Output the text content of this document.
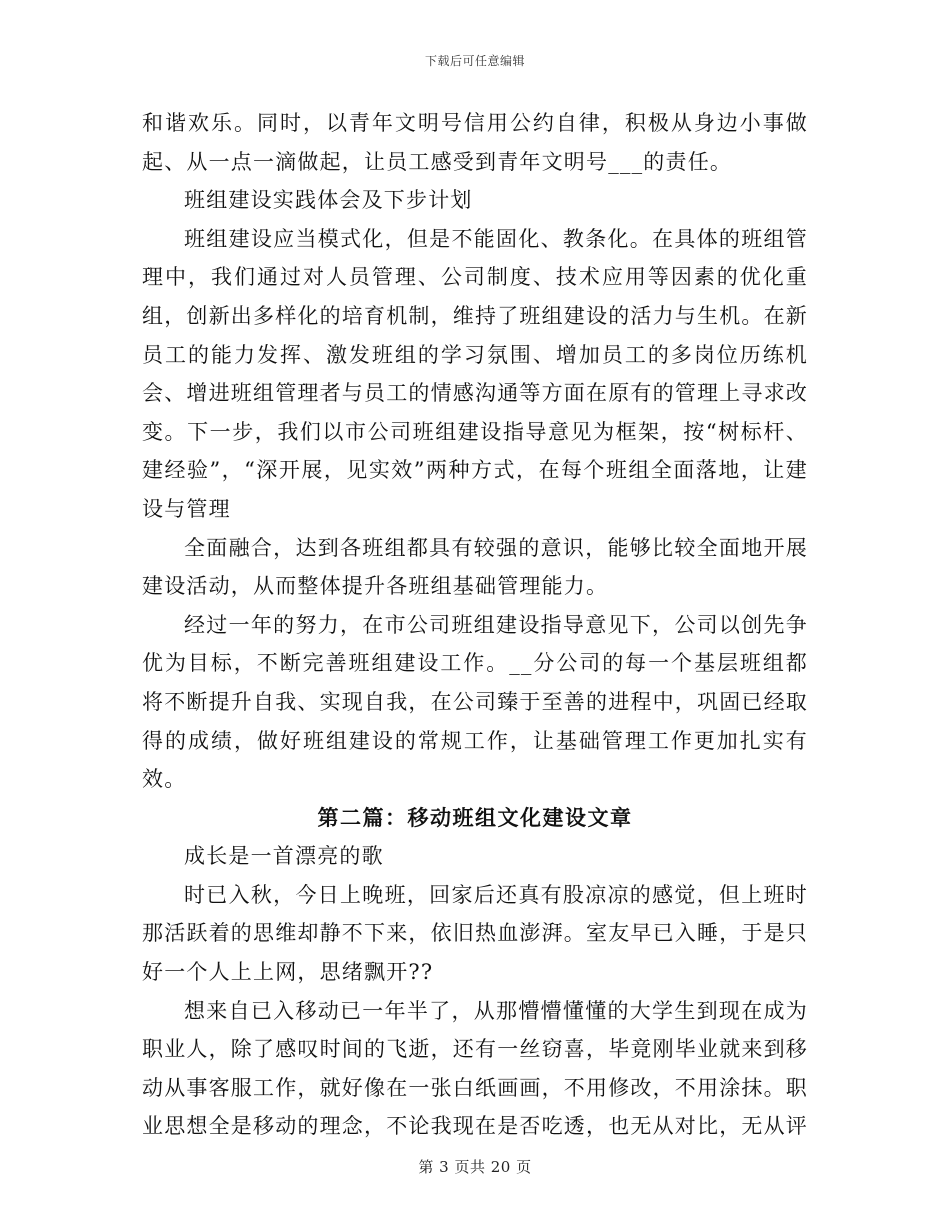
下载后可任意编辑

和谐欢乐。同时，以青年文明号信用公约自律，积极从身边小事做起、从一点一滴做起，让员工感受到青年文明号___的责任。

班组建设实践体会及下步计划

班组建设应当模式化，但是不能固化、教条化。在具体的班组管理中，我们通过对人员管理、公司制度、技术应用等因素的优化重组，创新出多样化的培育机制，维持了班组建设的活力与生机。在新员工的能力发挥、激发班组的学习氛围、增加员工的多岗位历练机会、增进班组管理者与员工的情感沟通等方面在原有的管理上寻求改变。下一步，我们以市公司班组建设指导意见为框架，按“树标杆、建经验”，“深开展，见实效”两种方式，在每个班组全面落地，让建设与管理

全面融合，达到各班组都具有较强的意识，能够比较全面地开展建设活动，从而整体提升各班组基础管理能力。

经过一年的努力，在市公司班组建设指导意见下，公司以创先争优为目标，不断完善班组建设工作。__分公司的每一个基层班组都将不断提升自我、实现自我，在公司臻于至善的进程中，巩固已经取得的成绩，做好班组建设的常规工作，让基础管理工作更加扎实有效。

第二篇：移动班组文化建设文章

成长是一首漂亮的歌

时已入秋，今日上晚班，回家后还真有股凉凉的感觉，但上班时那活跃着的思维却静不下来，依旧热血澎湃。室友早已入睡，于是只好一个人上上网，思绪飘开??

想来自已入移动已一年半了，从那懵懵懂懂的大学生到现在成为职业人，除了感叹时间的飞逝，还有一丝窃喜，毕竟刚毕业就来到移动从事客服工作，就好像在一张白纸画画，不用修改，不用涂抹。职业思想全是移动的理念，不论我现在是否吃透，也无从对比，无从评

第 3 页共 20 页
